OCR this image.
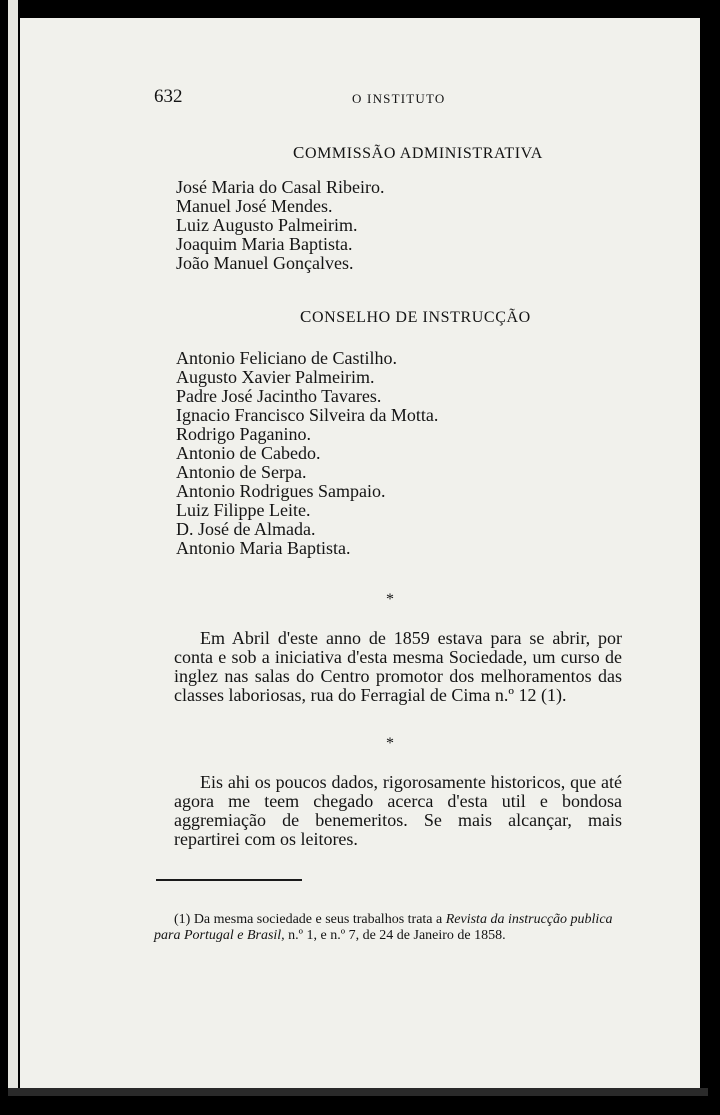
632	O INSTITUTO
COMMISSÃO ADMINISTRATIVA
José Maria do Casal Ribeiro.
Manuel José Mendes.
Luiz Augusto Palmeirim.
Joaquim Maria Baptista.
João Manuel Gonçalves.
CONSELHO DE INSTRUCÇÃO
Antonio Feliciano de Castilho.
Augusto Xavier Palmeirim.
Padre José Jacintho Tavares.
Ignacio Francisco Silveira da Motta.
Rodrigo Paganino.
Antonio de Cabedo.
Antonio de Serpa.
Antonio Rodrigues Sampaio.
Luiz Filippe Leite.
D. José de Almada.
Antonio Maria Baptista.
*

Em Abril d'este anno de 1859 estava para se abrir, por conta e sob a iniciativa d'esta mesma Sociedade, um curso de inglez nas salas do Centro promotor dos melhoramentos das classes laboriosas, rua do Ferragial de Cima n.º 12 (1).

*

Eis ahi os poucos dados, rigorosamente historicos, que até agora me teem chegado acerca d'esta util e bondosa aggremiação de benemeritos. Se mais alcançar, mais repartirei com os leitores.

(1) Da mesma sociedade e seus trabalhos trata a Revista da instrucção publica para Portugal e Brasil, n.º 1, e n.º 7, de 24 de Janeiro de 1858.
